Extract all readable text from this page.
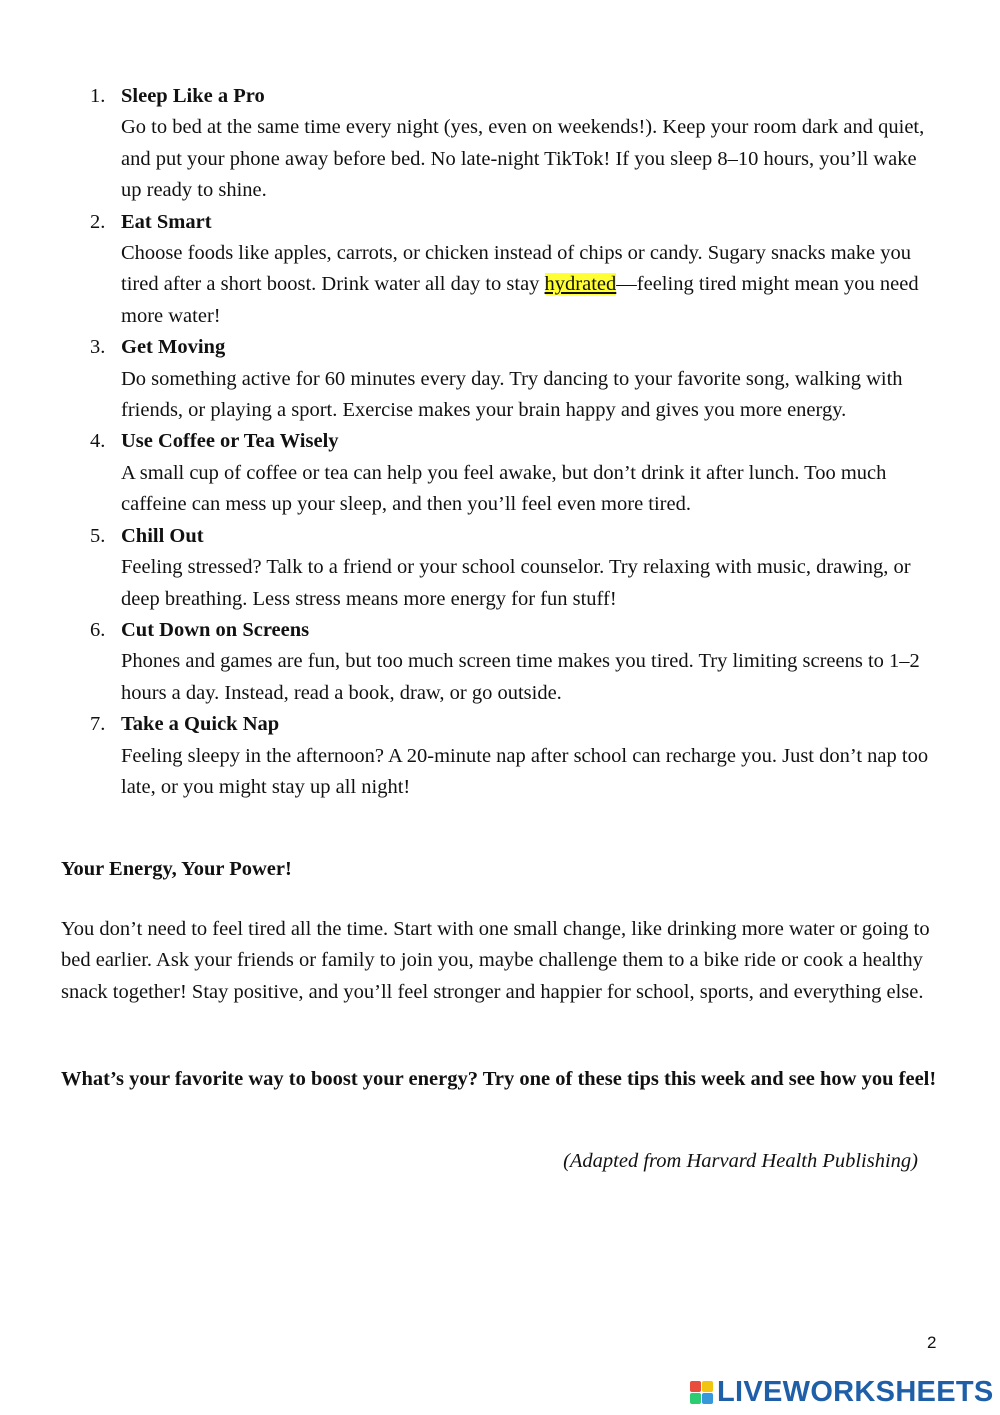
1. Sleep Like a Pro
Go to bed at the same time every night (yes, even on weekends!). Keep your room dark and quiet, and put your phone away before bed. No late-night TikTok! If you sleep 8–10 hours, you’ll wake up ready to shine.
2. Eat Smart
Choose foods like apples, carrots, or chicken instead of chips or candy. Sugary snacks make you tired after a short boost. Drink water all day to stay hydrated—feeling tired might mean you need more water!
3. Get Moving
Do something active for 60 minutes every day. Try dancing to your favorite song, walking with friends, or playing a sport. Exercise makes your brain happy and gives you more energy.
4. Use Coffee or Tea Wisely
A small cup of coffee or tea can help you feel awake, but don’t drink it after lunch. Too much caffeine can mess up your sleep, and then you’ll feel even more tired.
5. Chill Out
Feeling stressed? Talk to a friend or your school counselor. Try relaxing with music, drawing, or deep breathing. Less stress means more energy for fun stuff!
6. Cut Down on Screens
Phones and games are fun, but too much screen time makes you tired. Try limiting screens to 1–2 hours a day. Instead, read a book, draw, or go outside.
7. Take a Quick Nap
Feeling sleepy in the afternoon? A 20-minute nap after school can recharge you. Just don’t nap too late, or you might stay up all night!
Your Energy, Your Power!

You don’t need to feel tired all the time. Start with one small change, like drinking more water or going to bed earlier. Ask your friends or family to join you, maybe challenge them to a bike ride or cook a healthy snack together! Stay positive, and you’ll feel stronger and happier for school, sports, and everything else.

What’s your favorite way to boost your energy? Try one of these tips this week and see how you feel!

(Adapted from Harvard Health Publishing)

2

LIVEWORKSHEETS
